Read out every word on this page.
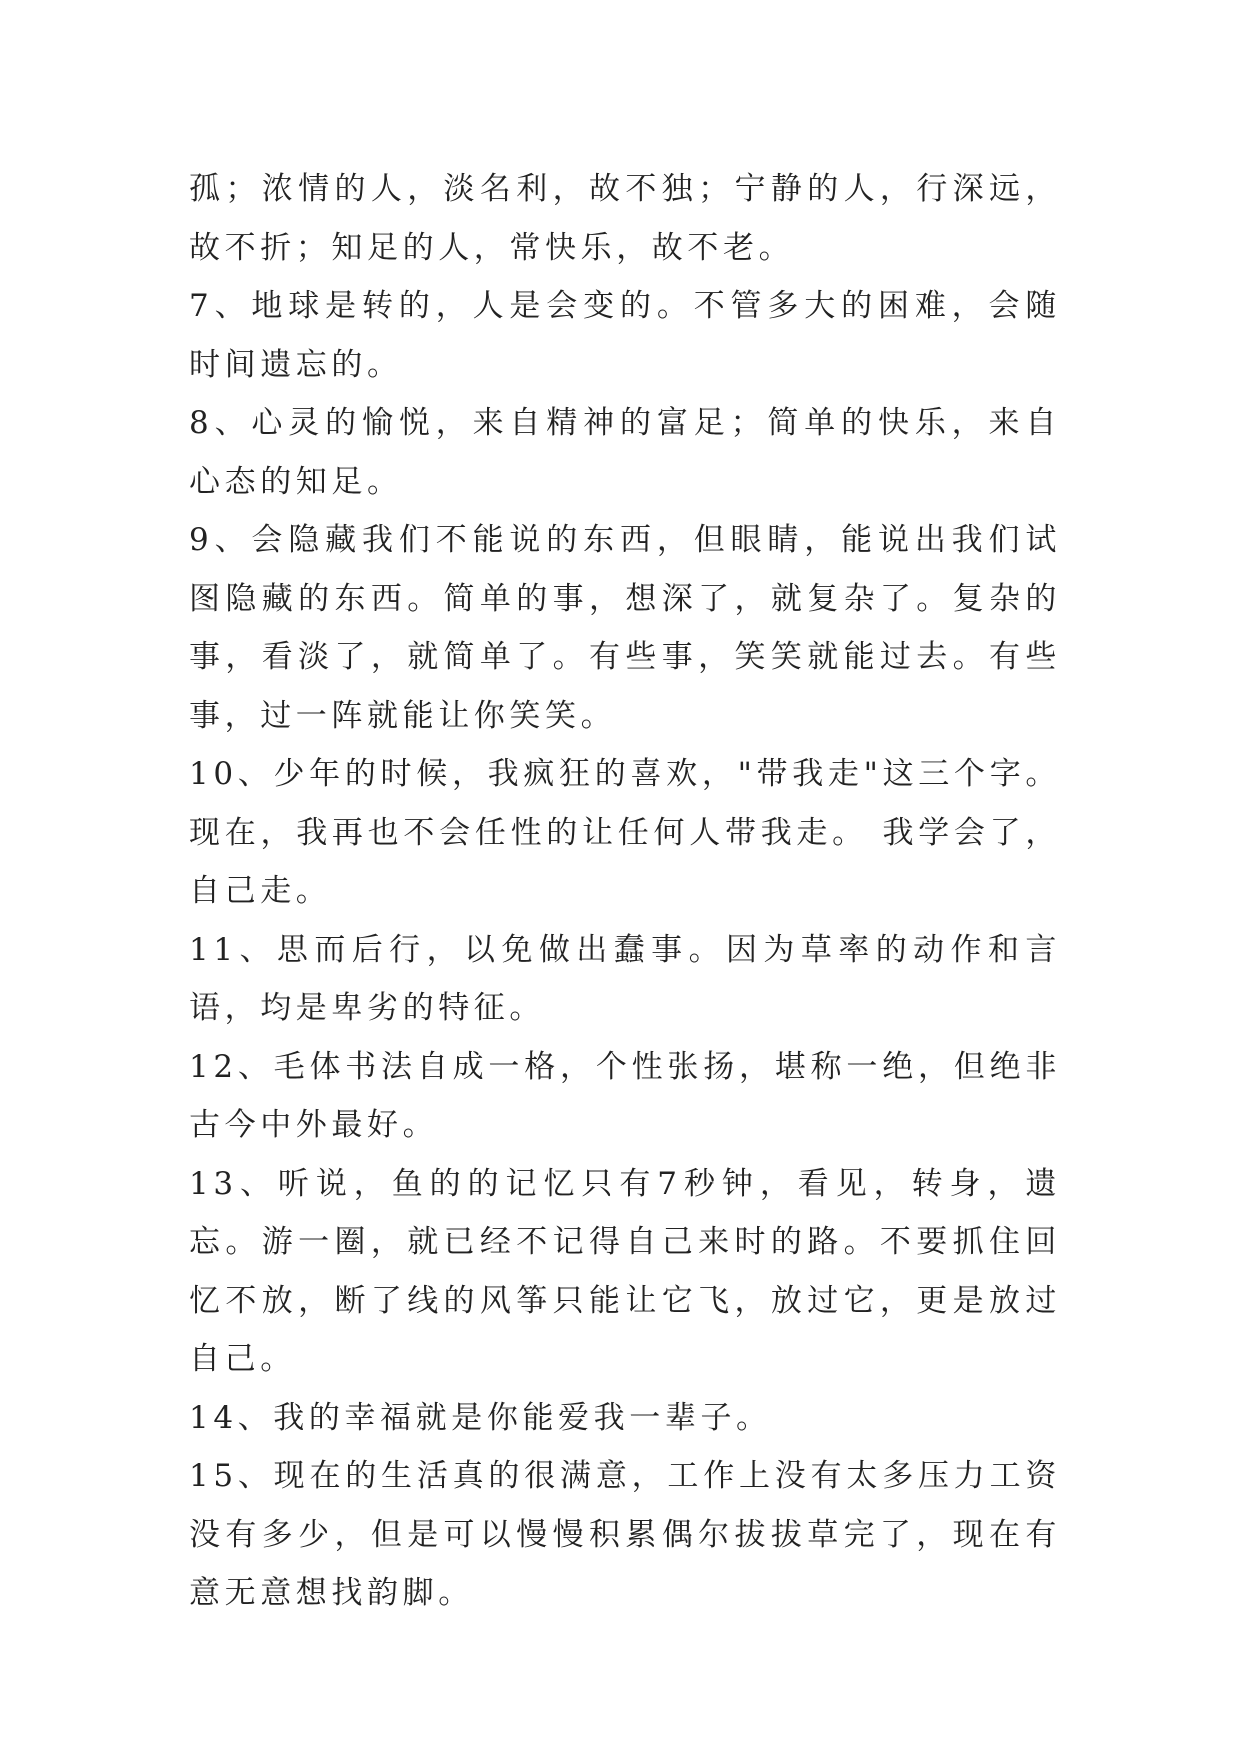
孤；浓情的人，淡名利，故不独；宁静的人，行深远，故不折；知足的人，常快乐，故不老。

7、地球是转的，人是会变的。不管多大的困难，会随时间遗忘的。

8、心灵的愉悦，来自精神的富足；简单的快乐，来自心态的知足。

9、会隐藏我们不能说的东西，但眼睛，能说出我们试图隐藏的东西。简单的事，想深了，就复杂了。复杂的事，看淡了，就简单了。有些事，笑笑就能过去。有些事，过一阵就能让你笑笑。

10、少年的时候，我疯狂的喜欢，"带我走"这三个字。 现在，我再也不会任性的让任何人带我走。 我学会了，自己走。

11、思而后行，以免做出蠢事。因为草率的动作和言语，均是卑劣的特征。

12、毛体书法自成一格，个性张扬，堪称一绝，但绝非古今中外最好。

13、听说，鱼的的记忆只有7秒钟，看见，转身，遗忘。游一圈，就已经不记得自己来时的路。不要抓住回忆不放，断了线的风筝只能让它飞，放过它，更是放过自己。

14、我的幸福就是你能爱我一辈子。

15、现在的生活真的很满意，工作上没有太多压力工资没有多少，但是可以慢慢积累偶尔拔拔草完了，现在有意无意想找韵脚。
